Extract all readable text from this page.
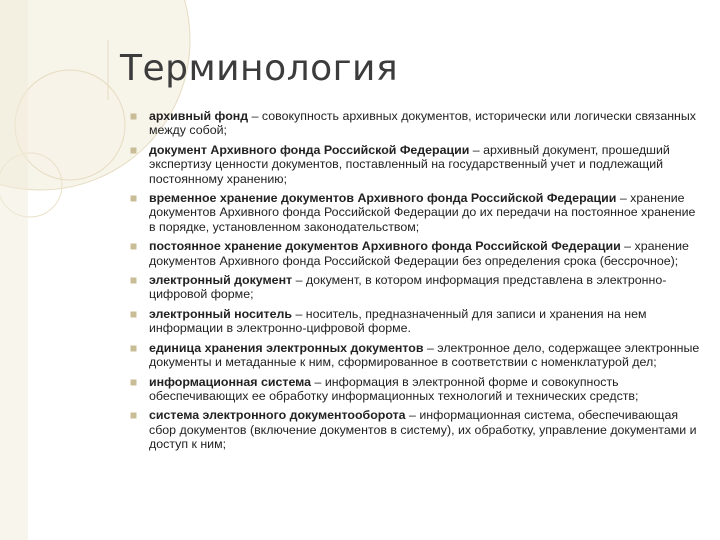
Терминология
архивный фонд – совокупность архивных документов, исторически или логически связанных между собой;
документ Архивного фонда Российской Федерации – архивный документ, прошедший экспертизу ценности документов, поставленный на государственный учет и подлежащий постоянному хранению;
временное хранение документов Архивного фонда Российской Федерации – хранение документов Архивного фонда Российской Федерации до их передачи на постоянное хранение в порядке, установленном законодательством;
постоянное хранение документов Архивного фонда Российской Федерации – хранение документов Архивного фонда Российской Федерации без определения срока (бессрочное);
электронный документ – документ, в котором информация представлена в электронно-цифровой форме;
электронный носитель – носитель, предназначенный для записи и хранения на нем информации в электронно-цифровой форме.
единица хранения электронных документов – электронное дело, содержащее электронные документы и метаданные к ним, сформированное в соответствии с номенклатурой дел;
информационная система – информация в электронной форме и совокупность обеспечивающих ее обработку информационных технологий и технических средств;
система электронного документооборота – информационная система, обеспечивающая сбор документов (включение документов в систему), их обработку, управление документами и доступ к ним;
